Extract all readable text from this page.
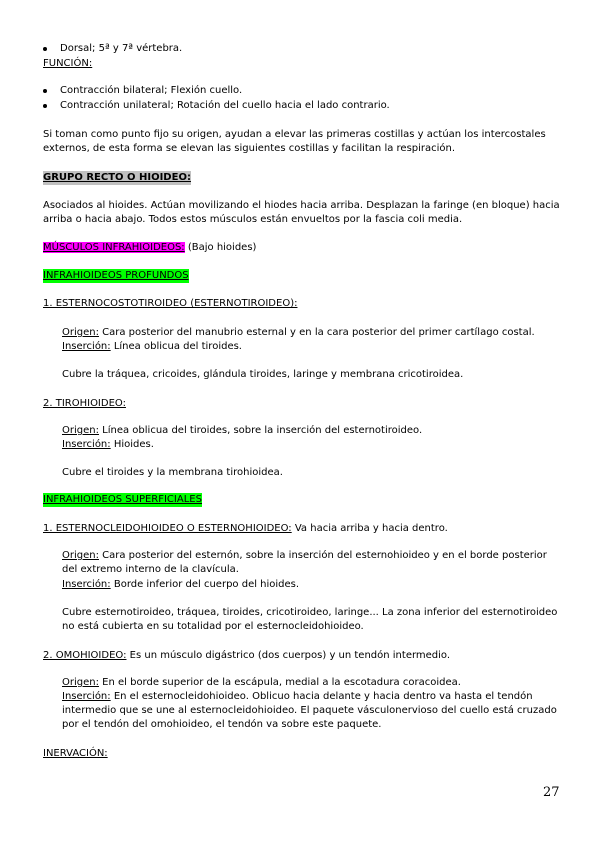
Dorsal; 5ª y 7ª vértebra.
FUNCIÓN:
Contracción bilateral; Flexión cuello.
Contracción unilateral; Rotación del cuello hacia el lado contrario.
Si toman como punto fijo su origen, ayudan a elevar las primeras costillas y actúan los intercostales externos, de esta forma se elevan las siguientes costillas y facilitan la respiración.
GRUPO RECTO O HIOIDEO:
Asociados al hioides. Actúan movilizando el hiodes hacia arriba. Desplazan la faringe (en bloque) hacia arriba o hacia abajo. Todos estos músculos están envueltos por la fascia coli media.
MÚSCULOS INFRAHIOIDEOS: (Bajo hioides)
INFRAHIOIDEOS PROFUNDOS
1. ESTERNOCOSTOTIROIDEO (ESTERNOTIROIDEO):
Origen: Cara posterior del manubrio esternal y en la cara posterior del primer cartílago costal.
Inserción: Línea oblicua del tiroides.
Cubre la tráquea, cricoides, glándula tiroides, laringe y membrana cricotiroidea.
2. TIROHIOIDEO:
Origen: Línea oblicua del tiroides, sobre la inserción del esternotiroideo.
Inserción: Hioides.
Cubre el tiroides y la membrana tirohioidea.
INFRAHIOIDEOS SUPERFICIALES
1. ESTERNOCLEIDOHIOIDEO O ESTERNOHIOIDEO: Va hacia arriba y hacia dentro.
Origen: Cara posterior del esternón, sobre la inserción del esternohioideo y en el borde posterior del extremo interno de la clavícula.
Inserción: Borde inferior del cuerpo del hioides.
Cubre esternotiroideo, tráquea, tiroides, cricotiroideo, laringe... La zona inferior del esternotiroideo no está cubierta en su totalidad por el esternocleidohioideo.
2. OMOHIOIDEO: Es un músculo digástrico (dos cuerpos) y un tendón intermedio.
Origen: En el borde superior de la escápula, medial a la escotadura coracoidea.
Inserción: En el esternocleidohioideo. Oblicuo hacia delante y hacia dentro va hasta el tendón intermedio que se une al esternocleidohioideo. El paquete vásculonervioso del cuello está cruzado por el tendón del omohioideo, el tendón va sobre este paquete.
INERVACIÓN:
27
